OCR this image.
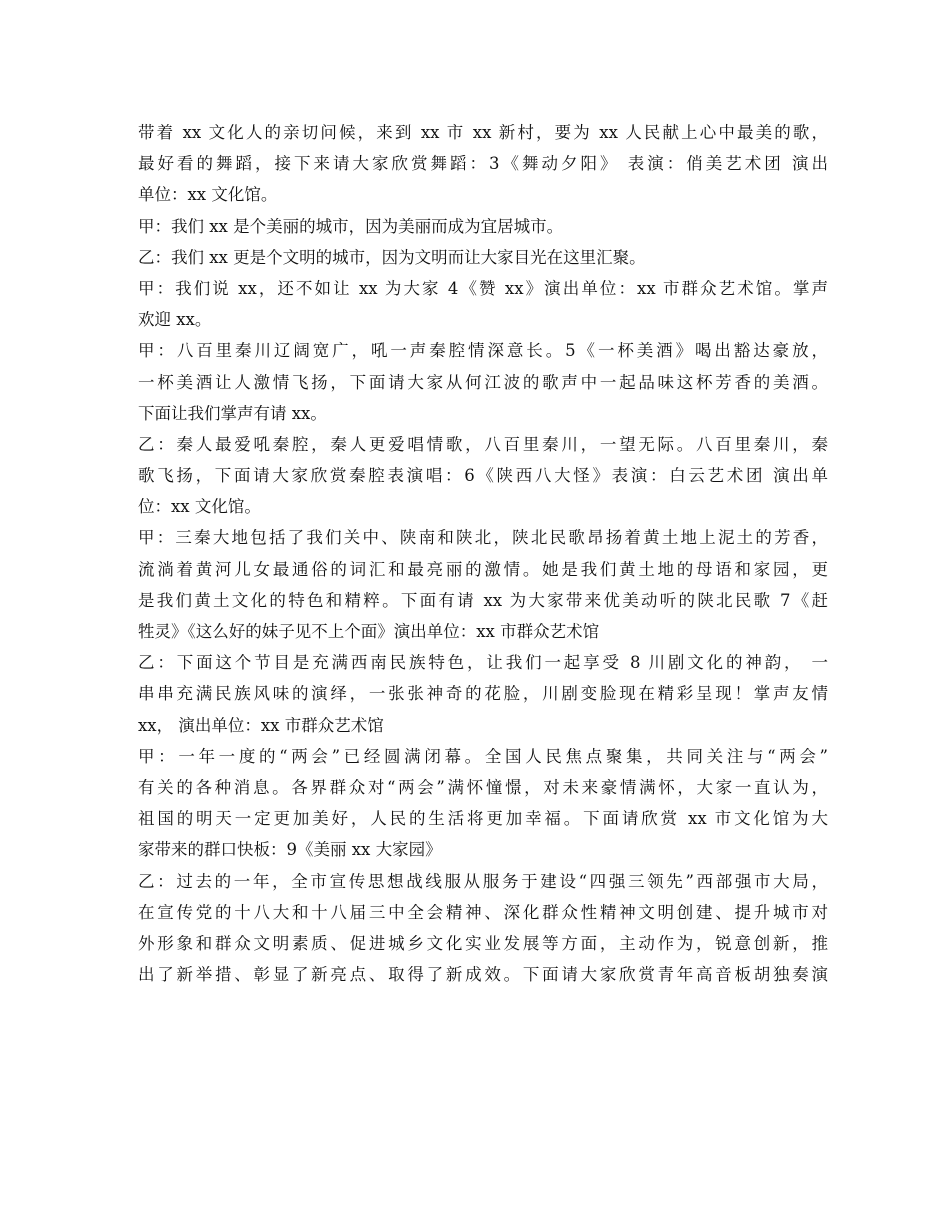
带着 xx 文化人的亲切问候，来到 xx 市 xx 新村，要为 xx 人民献上心中最美的歌，
最好看的舞蹈，接下来请大家欣赏舞蹈：3《舞动夕阳》 表演：俏美艺术团 演出
单位：xx 文化馆。
甲：我们 xx 是个美丽的城市，因为美丽而成为宜居城市。
乙：我们 xx 更是个文明的城市，因为文明而让大家目光在这里汇聚。
甲：我们说 xx，还不如让 xx 为大家 4《赞 xx》演出单位：xx 市群众艺术馆。掌声
欢迎 xx。
甲：八百里秦川辽阔宽广，吼一声秦腔情深意长。5《一杯美酒》喝出豁达豪放，
一杯美酒让人激情飞扬，下面请大家从何江波的歌声中一起品味这杯芳香的美酒。
下面让我们掌声有请 xx。
乙：秦人最爱吼秦腔，秦人更爱唱情歌，八百里秦川，一望无际。八百里秦川，秦
歌飞扬，下面请大家欣赏秦腔表演唱：6《陕西八大怪》表演：白云艺术团 演出单
位：xx 文化馆。
甲：三秦大地包括了我们关中、陕南和陕北，陕北民歌昂扬着黄土地上泥土的芳香，
流淌着黄河儿女最通俗的词汇和最亮丽的激情。她是我们黄土地的母语和家园，更
是我们黄土文化的特色和精粹。下面有请 xx 为大家带来优美动听的陕北民歌 7《赶
牲灵》《这么好的妹子见不上个面》演出单位：xx 市群众艺术馆
乙：下面这个节目是充满西南民族特色，让我们一起享受 8 川剧文化的神韵， 一
串串充满民族风味的演绎，一张张神奇的花脸，川剧变脸现在精彩呈现！掌声友情
xx， 演出单位：xx 市群众艺术馆
甲：一年一度的“两会”已经圆满闭幕。全国人民焦点聚集，共同关注与“两会”
有关的各种消息。各界群众对“两会”满怀憧憬，对未来豪情满怀，大家一直认为，
祖国的明天一定更加美好，人民的生活将更加幸福。下面请欣赏 xx 市文化馆为大
家带来的群口快板：9《美丽 xx 大家园》
乙：过去的一年，全市宣传思想战线服从服务于建设“四强三领先”西部强市大局，
在宣传党的十八大和十八届三中全会精神、深化群众性精神文明创建、提升城市对
外形象和群众文明素质、促进城乡文化实业发展等方面，主动作为，锐意创新，推
出了新举措、彰显了新亮点、取得了新成效。下面请大家欣赏青年高音板胡独奏演
